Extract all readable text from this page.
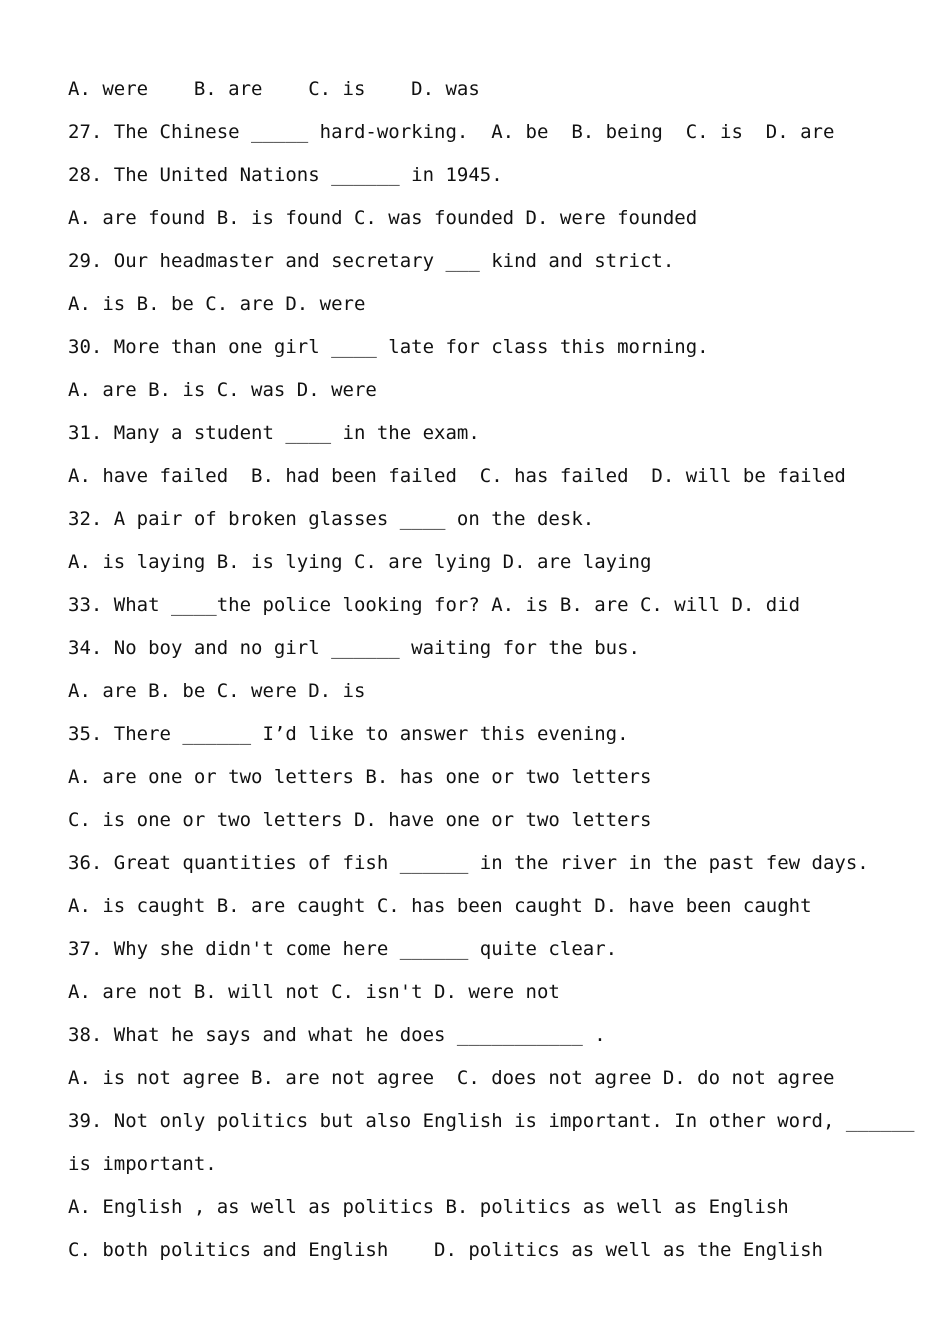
A. were    B. are    C. is    D. was

27. The Chinese _____ hard-working.  A. be  B. being  C. is  D. are

28. The United Nations ______ in 1945.

A. are found B. is found C. was founded D. were founded

29. Our headmaster and secretary ___ kind and strict.

A. is B. be C. are D. were

30. More than one girl ____ late for class this morning.

A. are B. is C. was D. were

31. Many a student ____ in the exam.

A. have failed  B. had been failed  C. has failed  D. will be failed

32. A pair of broken glasses ____ on the desk.

A. is laying B. is lying C. are lying D. are laying

33. What ____the police looking for? A. is B. are C. will D. did

34. No boy and no girl ______ waiting for the bus.

A. are B. be C. were D. is

35. There ______ I’d like to answer this evening.

A. are one or two letters B. has one or two letters

C. is one or two letters D. have one or two letters

36. Great quantities of fish ______ in the river in the past few days.

A. is caught B. are caught C. has been caught D. have been caught

37. Why she didn't come here ______ quite clear.

A. are not B. will not C. isn't D. were not

38. What he says and what he does ___________ .

A. is not agree B. are not agree  C. does not agree D. do not agree

39. Not only politics but also English is important. In other word, ______

is important.

A. English , as well as politics B. politics as well as English

C. both politics and English    D. politics as well as the English
